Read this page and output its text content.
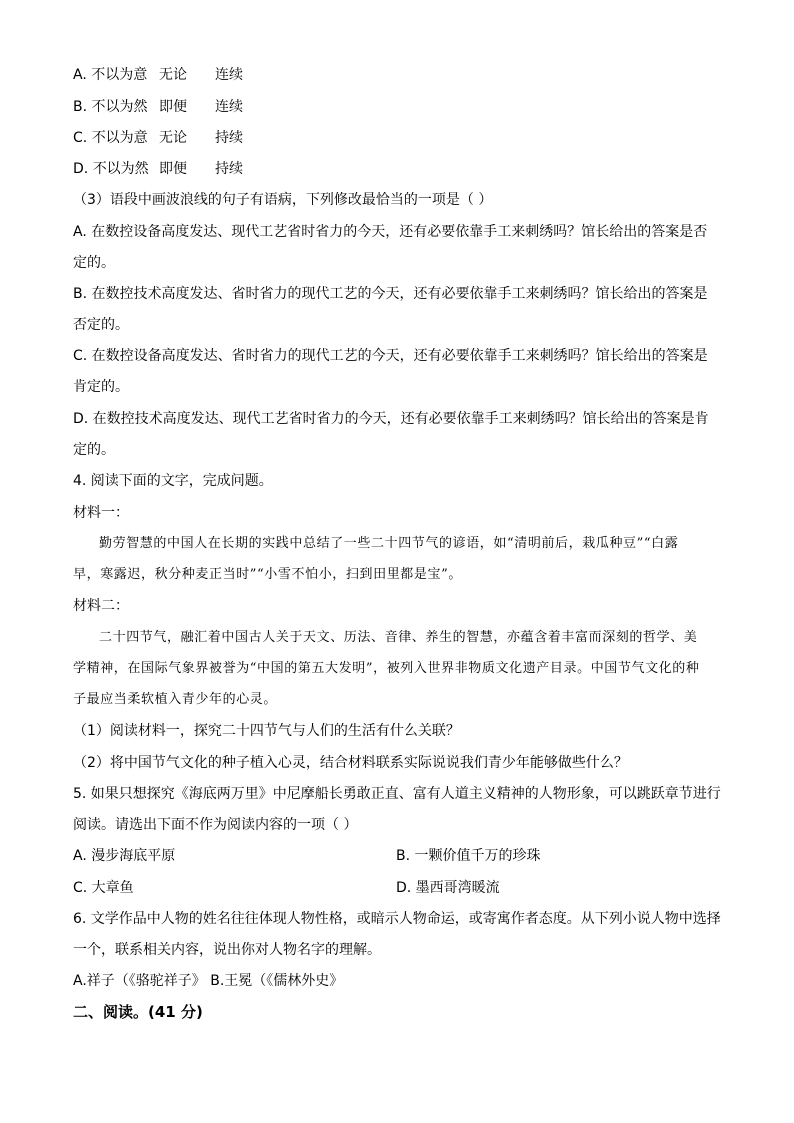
A. 不以为意 无论 连续
B. 不以为然 即便 连续
C. 不以为意 无论 持续
D. 不以为然 即便 持续
（3）语段中画波浪线的句子有语病，下列修改最恰当的一项是（ ）
A. 在数控设备高度发达、现代工艺省时省力的今天，还有必要依靠手工来刺绣吗？馆长给出的答案是否
定的。
B. 在数控技术高度发达、省时省力的现代工艺的今天，还有必要依靠手工来刺绣吗？馆长给出的答案是
否定的。
C. 在数控设备高度发达、省时省力的现代工艺的今天，还有必要依靠手工来刺绣吗？馆长给出的答案是
肯定的。
D. 在数控技术高度发达、现代工艺省时省力的今天，还有必要依靠手工来刺绣吗？馆长给出的答案是肯
定的。
4. 阅读下面的文字，完成问题。
材料一：
勤劳智慧的中国人在长期的实践中总结了一些二十四节气的谚语，如“清明前后，栽瓜种豆”“白露
早，寒露迟，秋分种麦正当时”“小雪不怕小，扫到田里都是宝”。
材料二：
二十四节气，融汇着中国古人关于天文、历法、音律、养生的智慧，亦蕴含着丰富而深刻的哲学、美
学精神，在国际气象界被誉为“中国的第五大发明”，被列入世界非物质文化遗产目录。中国节气文化的种
子最应当柔软植入青少年的心灵。
（1）阅读材料一，探究二十四节气与人们的生活有什么关联？
（2）将中国节气文化的种子植入心灵，结合材料联系实际说说我们青少年能够做些什么？
5. 如果只想探究《海底两万里》中尼摩船长勇敢正直、富有人道主义精神的人物形象，可以跳跃章节进行
阅读。请选出下面不作为阅读内容的一项（ ）
A. 漫步海底平原	B. 一颗价值千万的珍珠
C. 大章鱼	D. 墨西哥湾暖流
6. 文学作品中人物的姓名往往体现人物性格，或暗示人物命运，或寄寓作者态度。从下列小说人物中选择
一个，联系相关内容，说出你对人物名字的理解。
A.祥子（《骆驼祥子》 B.王冕（《儒林外史》
二、阅读。(41 分)
